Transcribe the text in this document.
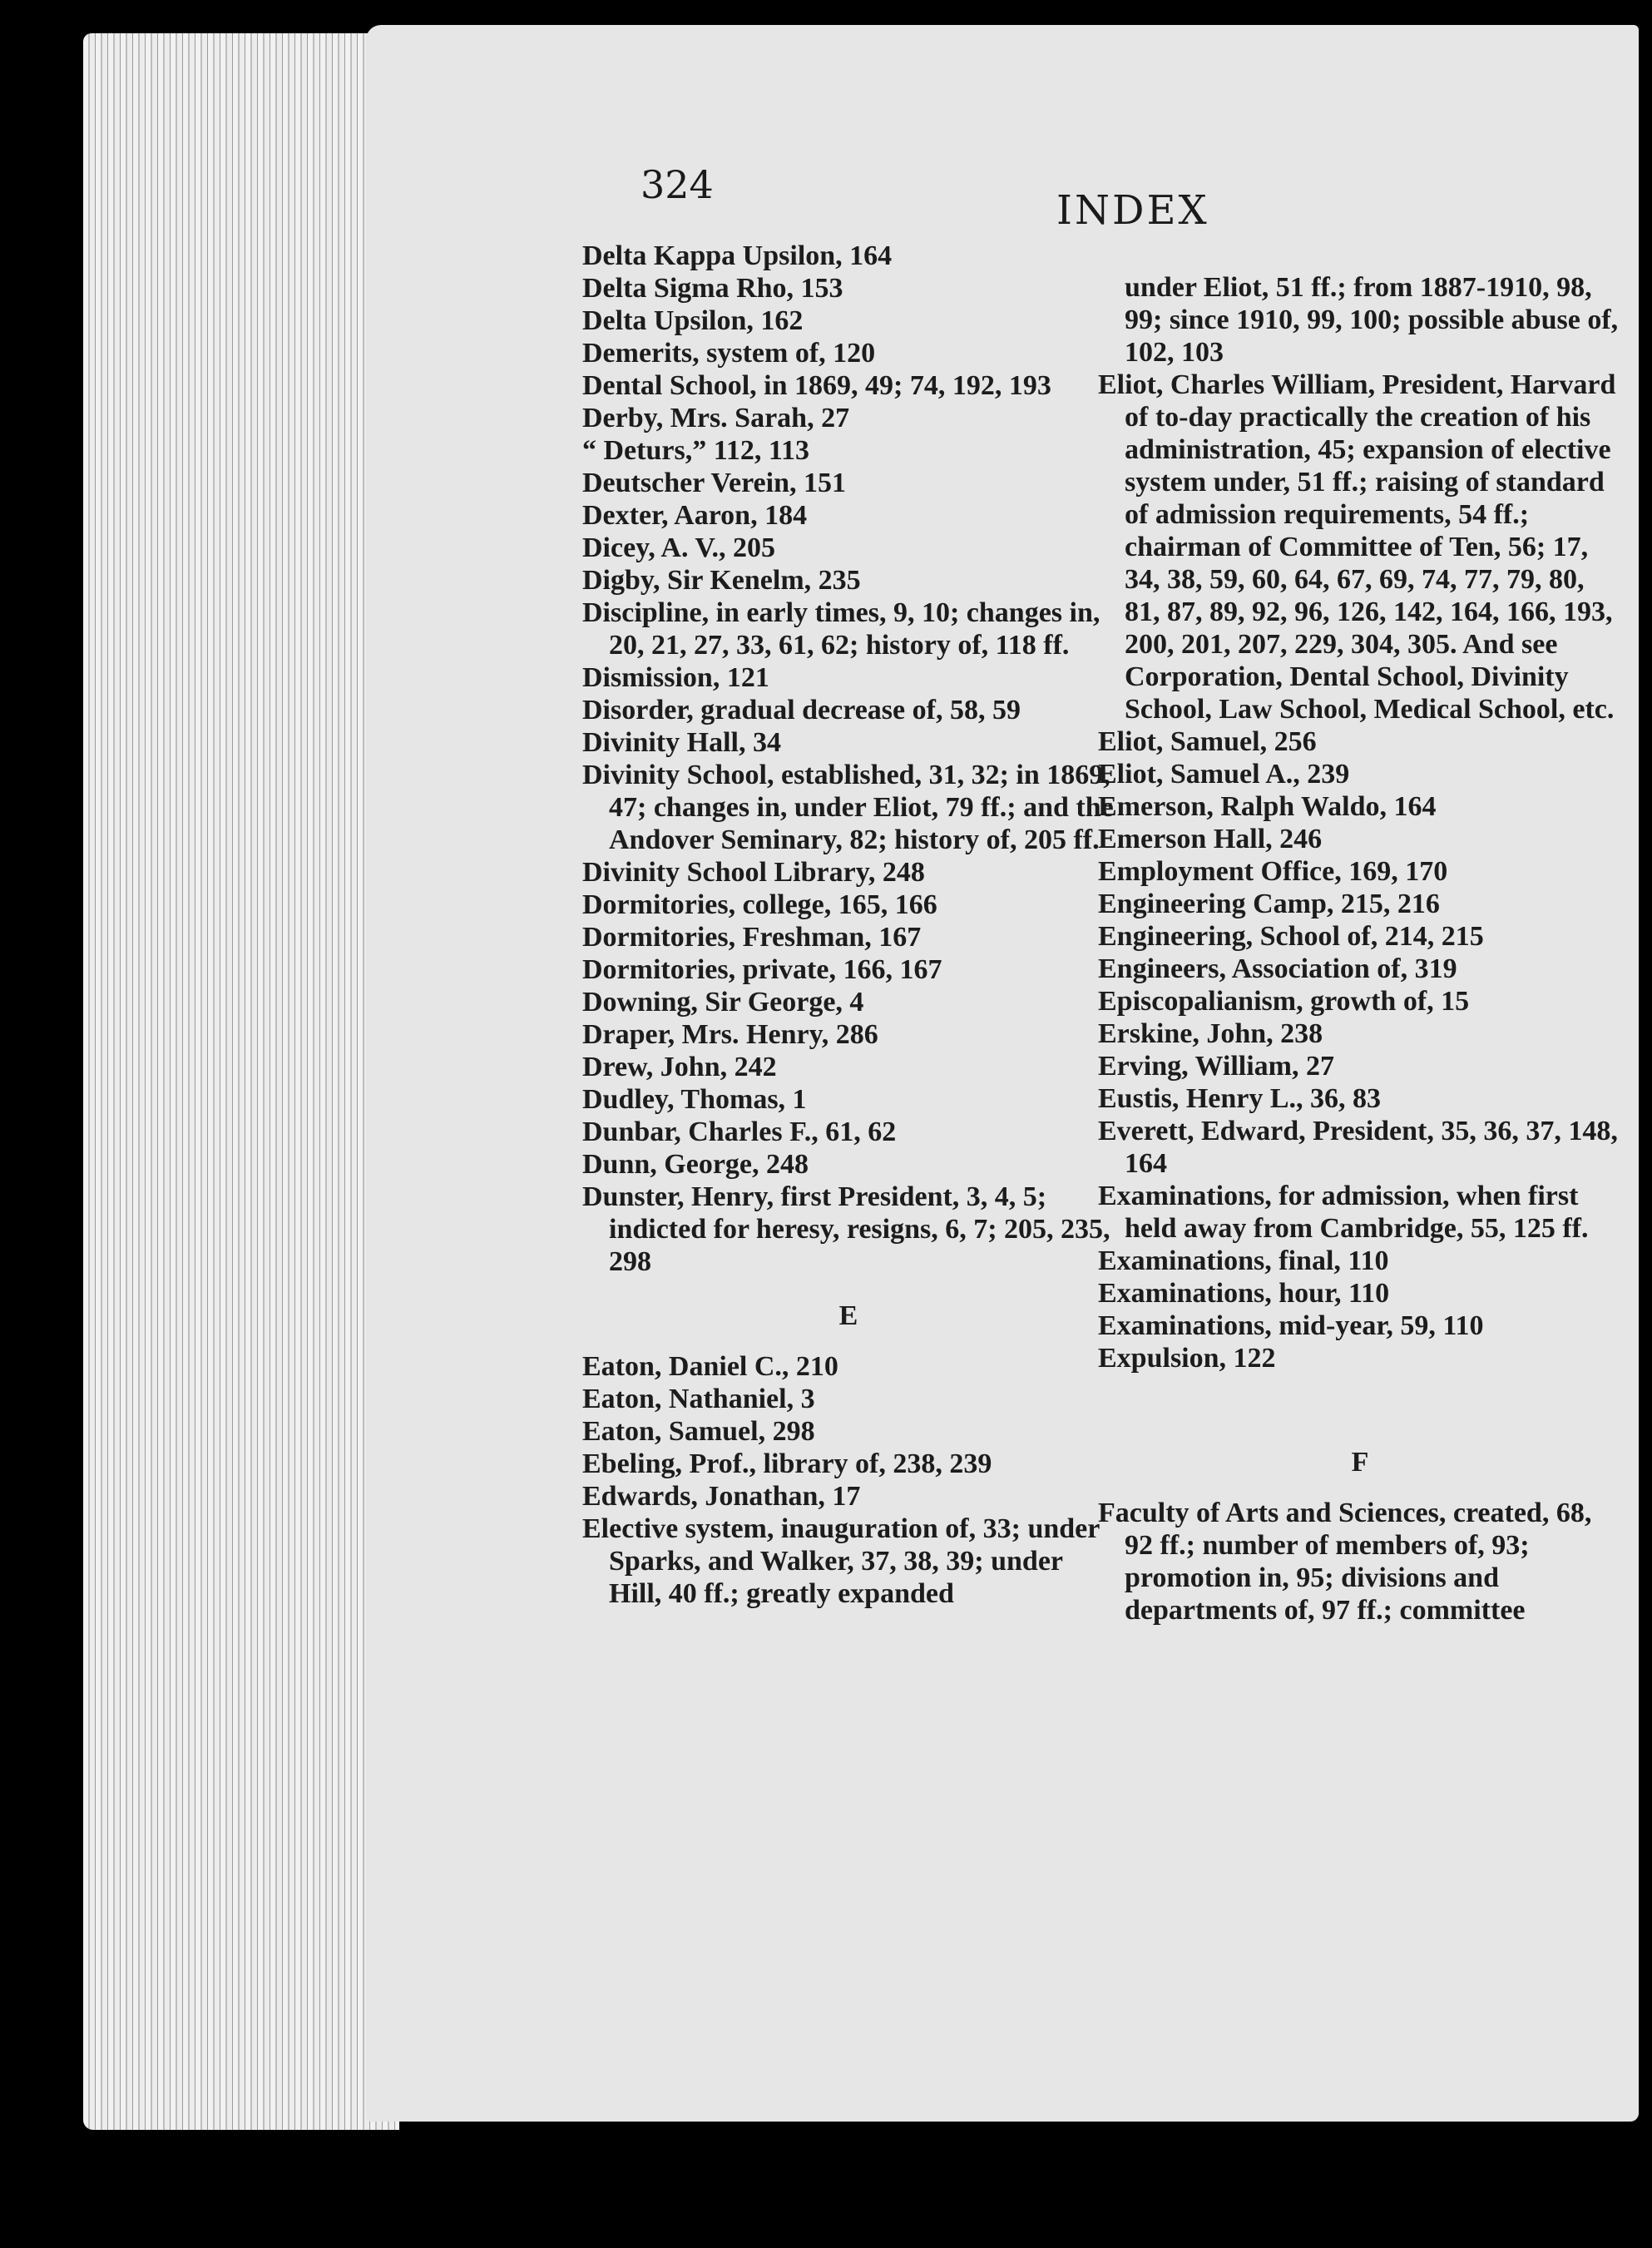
324
INDEX

Delta Kappa Upsilon, 164

Delta Sigma Rho, 153

Delta Upsilon, 162

Demerits, system of, 120

Dental School, in 1869, 49; 74, 192, 193

Derby, Mrs. Sarah, 27

“ Deturs,” 112, 113

Deutscher Verein, 151

Dexter, Aaron, 184

Dicey, A. V., 205

Digby, Sir Kenelm, 235

Discipline, in early times, 9, 10; changes in, 20, 21, 27, 33, 61, 62; history of, 118 ff.

Dismission, 121

Disorder, gradual decrease of, 58, 59

Divinity Hall, 34

Divinity School, established, 31, 32; in 1869, 47; changes in, under Eliot, 79 ff.; and the Andover Seminary, 82; history of, 205 ff.

Divinity School Library, 248

Dormitories, college, 165, 166

Dormitories, Freshman, 167

Dormitories, private, 166, 167

Downing, Sir George, 4

Draper, Mrs. Henry, 286

Drew, John, 242

Dudley, Thomas, 1

Dunbar, Charles F., 61, 62

Dunn, George, 248

Dunster, Henry, first President, 3, 4, 5; indicted for heresy, resigns, 6, 7; 205, 235, 298

E

Eaton, Daniel C., 210

Eaton, Nathaniel, 3

Eaton, Samuel, 298

Ebeling, Prof., library of, 238, 239

Edwards, Jonathan, 17

Elective system, inauguration of, 33; under Sparks, and Walker, 37, 38, 39; under Hill, 40 ff.; greatly expanded

under Eliot, 51 ff.; from 1887-1910, 98, 99; since 1910, 99, 100; possible abuse of, 102, 103

Eliot, Charles William, President, Harvard of to-day practically the creation of his administration, 45; expansion of elective system under, 51 ff.; raising of standard of admission requirements, 54 ff.; chairman of Committee of Ten, 56; 17, 34, 38, 59, 60, 64, 67, 69, 74, 77, 79, 80, 81, 87, 89, 92, 96, 126, 142, 164, 166, 193, 200, 201, 207, 229, 304, 305. And see Corporation, Dental School, Divinity School, Law School, Medical School, etc.

Eliot, Samuel, 256

Eliot, Samuel A., 239

Emerson, Ralph Waldo, 164

Emerson Hall, 246

Employment Office, 169, 170

Engineering Camp, 215, 216

Engineering, School of, 214, 215

Engineers, Association of, 319

Episcopalianism, growth of, 15

Erskine, John, 238

Erving, William, 27

Eustis, Henry L., 36, 83

Everett, Edward, President, 35, 36, 37, 148, 164

Examinations, for admission, when first held away from Cambridge, 55, 125 ff.

Examinations, final, 110

Examinations, hour, 110

Examinations, mid-year, 59, 110

Expulsion, 122

F

Faculty of Arts and Sciences, created, 68, 92 ff.; number of members of, 93; promotion in, 95; divisions and departments of, 97 ff.; committee
